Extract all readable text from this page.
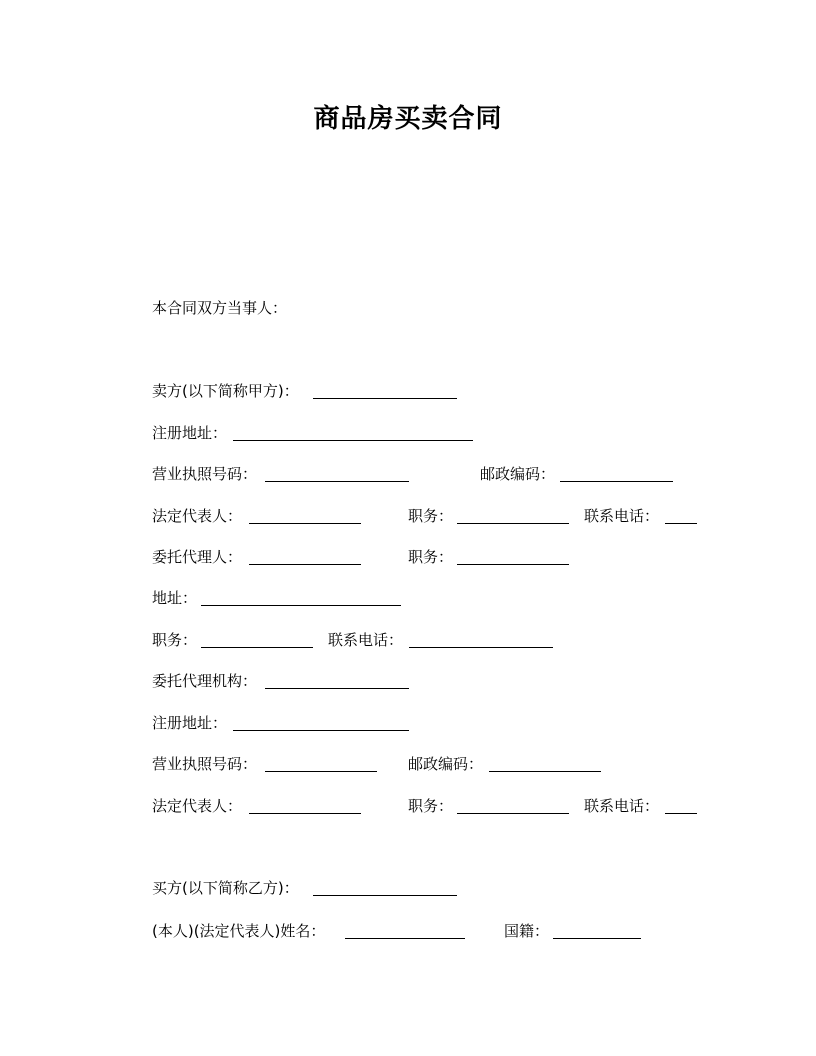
商品房买卖合同
本合同双方当事人：
卖方(以下简称甲方)：
注册地址：
营业执照号码：	邮政编码：
法定代表人：	职务：	联系电话：
委托代理人：	职务：
地址：
职务：	联系电话：
委托代理机构：
注册地址：
营业执照号码：	邮政编码：
法定代表人：	职务：	联系电话：
买方(以下简称乙方)：
(本人)(法定代表人)姓名：	国籍：
